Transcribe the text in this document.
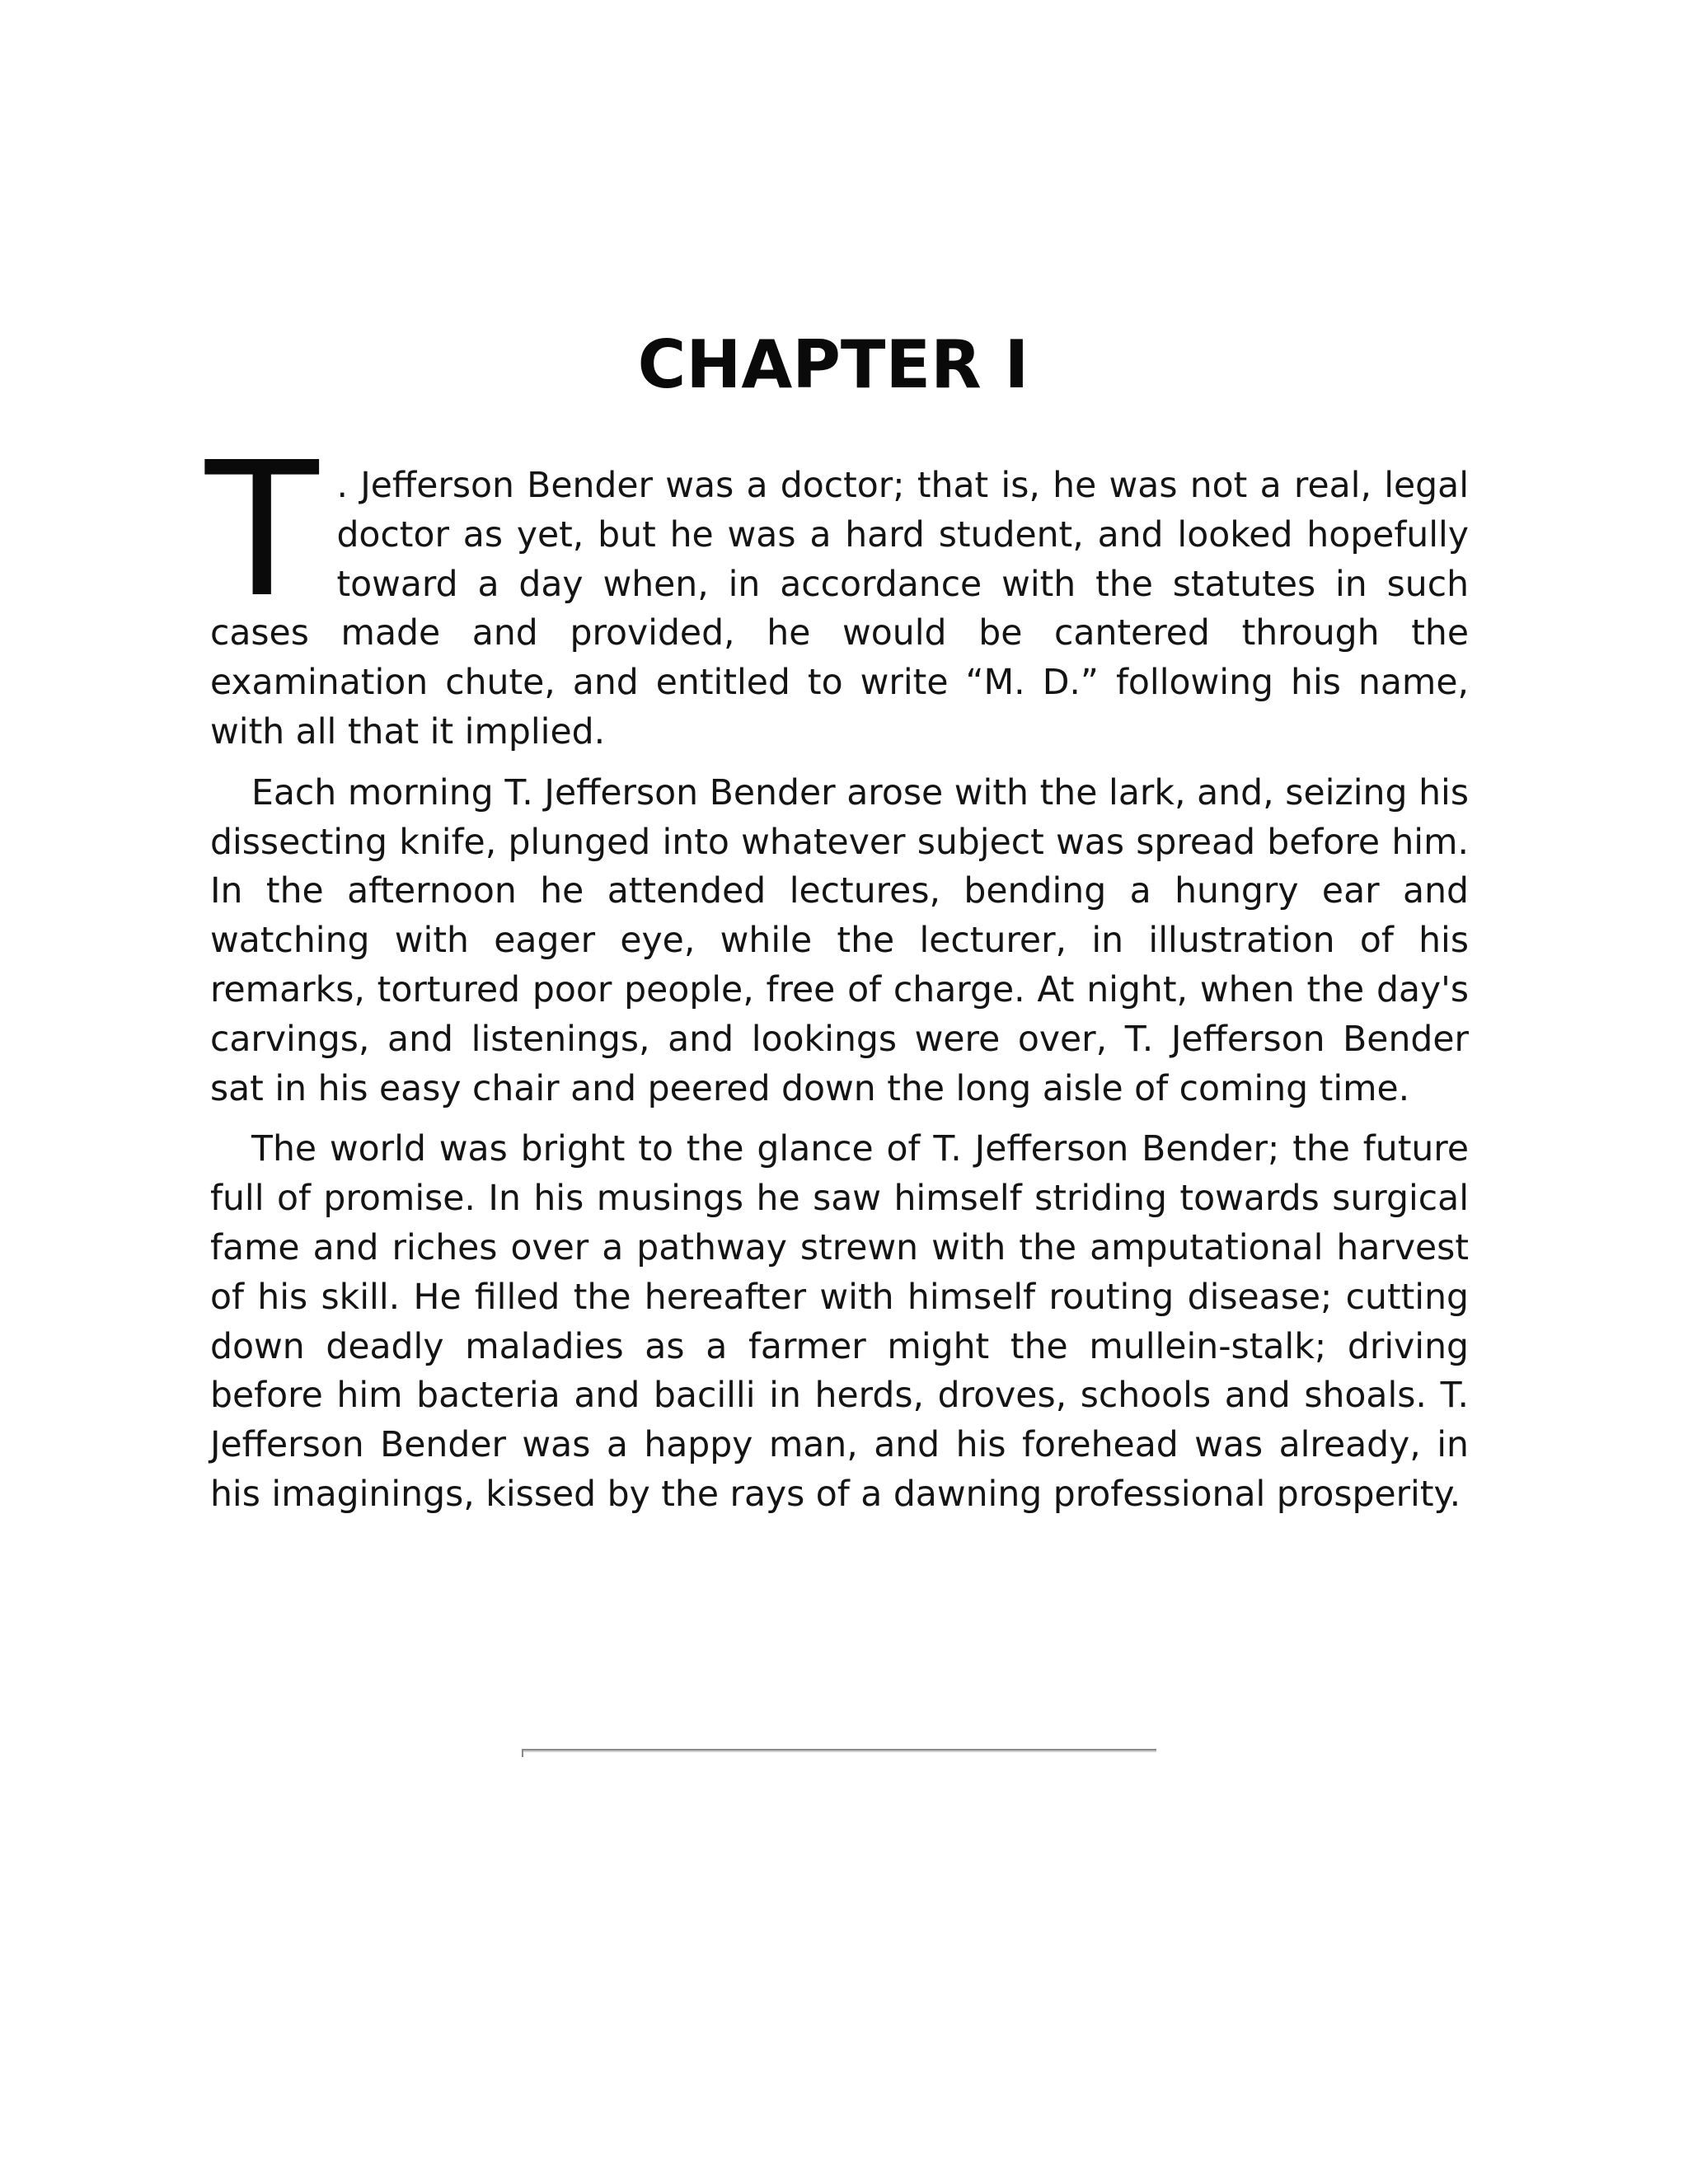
CHAPTER I

T . Jefferson Bender was a doctor; that is, he was not a real, legal doctor as yet, but he was a hard student, and looked hopefully toward a day when, in accordance with the statutes in such cases made and provided, he would be cantered through the examination chute, and entitled to write “M. D.” following his name, with all that it implied.

Each morning T. Jefferson Bender arose with the lark, and, seizing his dissecting knife, plunged into whatever subject was spread before him. In the afternoon he attended lectures, bending a hungry ear and watching with eager eye, while the lecturer, in illustration of his remarks, tortured poor people, free of charge. At night, when the day's carvings, and listenings, and lookings were over, T. Jefferson Bender sat in his easy chair and peered down the long aisle of coming time.

The world was bright to the glance of T. Jefferson Bender; the future full of promise. In his musings he saw himself striding towards surgical fame and riches over a pathway strewn with the amputational harvest of his skill. He filled the hereafter with himself routing disease; cutting down deadly maladies as a farmer might the mullein-stalk; driving before him bacteria and bacilli in herds, droves, schools and shoals. T. Jefferson Bender was a happy man, and his forehead was already, in his imaginings, kissed by the rays of a dawning professional prosperity.
